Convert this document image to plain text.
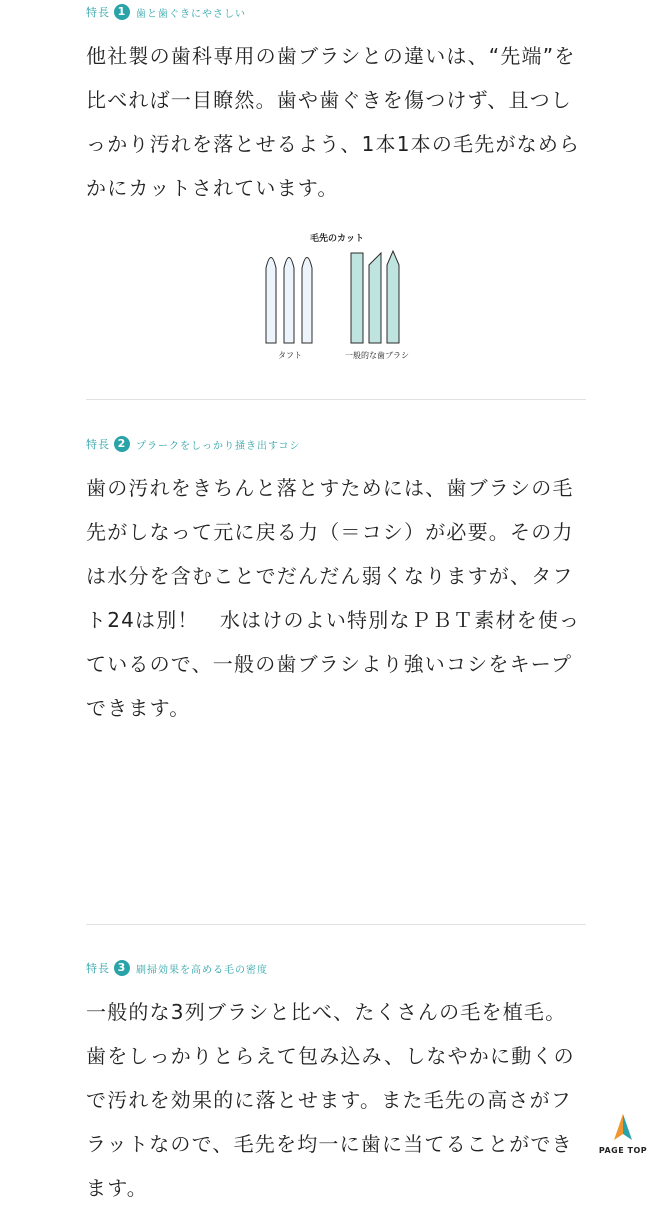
特長 1 歯と歯ぐきにやさしい

他社製の歯科専用の歯ブラシとの違いは、“先端”を

比べれば一目瞭然。歯や歯ぐきを傷つけず、且つし

っかり汚れを落とせるよう、1本1本の毛先がなめら

かにカットされています。

毛先のカット
タフト	一般的な歯ブラシ
特長 2 プラークをしっかり掻き出すコシ

歯の汚れをきちんと落とすためには、歯ブラシの毛

先がしなって元に戻る力（＝コシ）が必要。その力

は水分を含むことでだんだん弱くなりますが、タフ

ト24は別！　水はけのよい特別なＰＢＴ素材を使っ

ているので、一般の歯ブラシより強いコシをキープ

できます。

特長 3 刷掃効果を高める毛の密度

一般的な3列ブラシと比べ、たくさんの毛を植毛。

歯をしっかりとらえて包み込み、しなやかに動くの

で汚れを効果的に落とせます。また毛先の高さがフ

ラットなので、毛先を均一に歯に当てることができ

ます。

PAGE TOP
